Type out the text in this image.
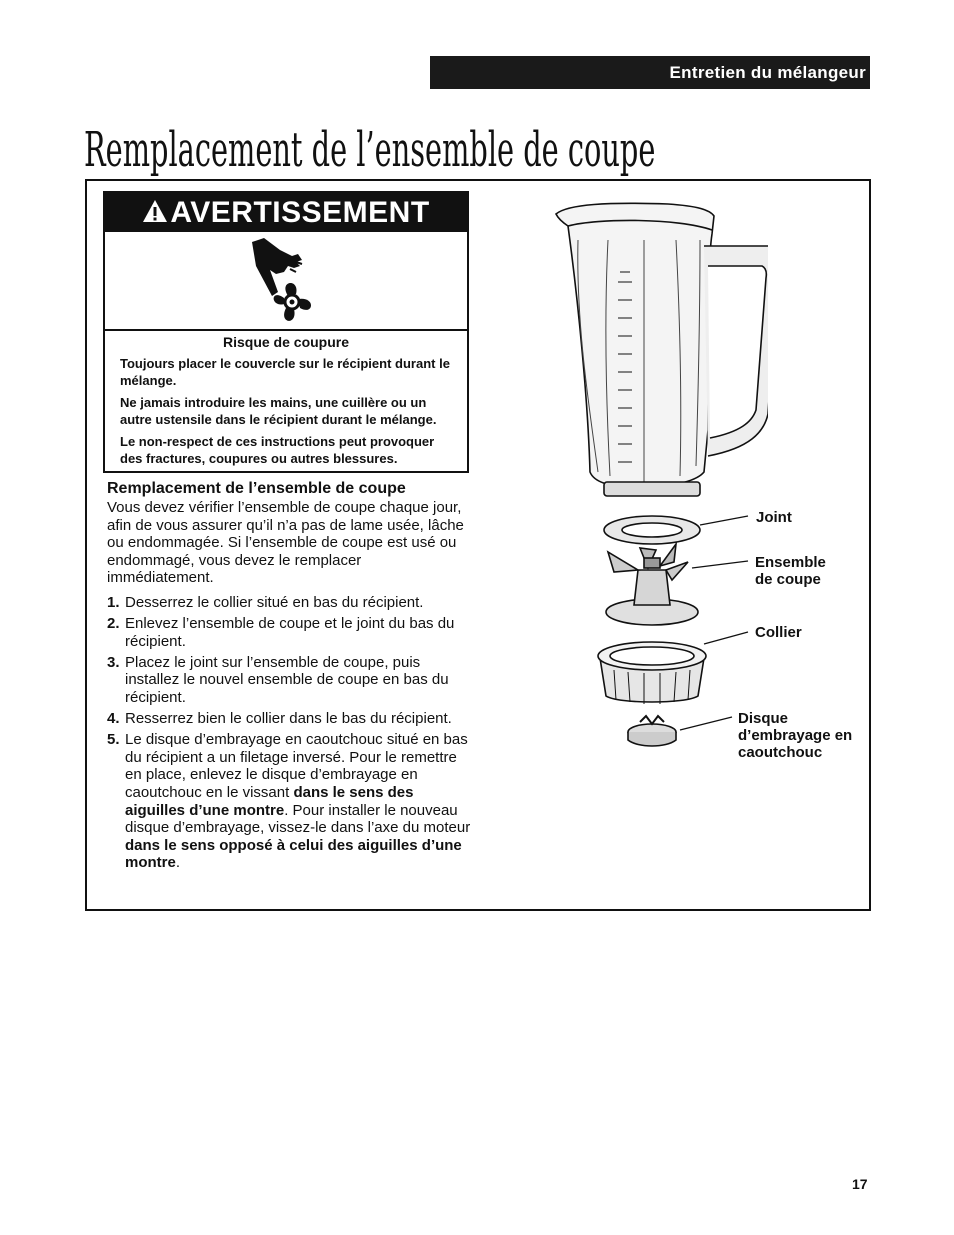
Entretien du mélangeur
Remplacement de l’ensemble de coupe
AVERTISSEMENT
Risque de coupure

Toujours placer le couvercle sur le récipient durant le mélange.

Ne jamais introduire les mains, une cuillère ou un autre ustensile dans le récipient durant le mélange.

Le non-respect de ces instructions peut provoquer des fractures, coupures ou autres blessures.

Remplacement de l’ensemble de coupe
Vous devez vérifier l’ensemble de coupe chaque jour, afin de vous assurer qu’il n’a pas de lame usée, lâche ou endommagée. Si l’ensemble de coupe est usé ou endommagé, vous devez le remplacer immédiatement.
1. Desserrez le collier situé en bas du récipient.
2. Enlevez l’ensemble de coupe et le joint du bas du récipient.
3. Placez le joint sur l’ensemble de coupe, puis installez le nouvel ensemble de coupe en bas du récipient.
4. Resserrez bien le collier dans le bas du récipient.
5. Le disque d’embrayage en caoutchouc situé en bas du récipient a un filetage inversé. Pour le remettre en place, enlevez le disque d’embrayage en caoutchouc en le vissant dans le sens des aiguilles d’une montre. Pour installer le nouveau disque d’embrayage, vissez-le dans l’axe du moteur dans le sens opposé à celui des aiguilles d’une montre.
Joint
Ensemble
de coupe
Collier
Disque
d’embrayage en
caoutchouc
17
